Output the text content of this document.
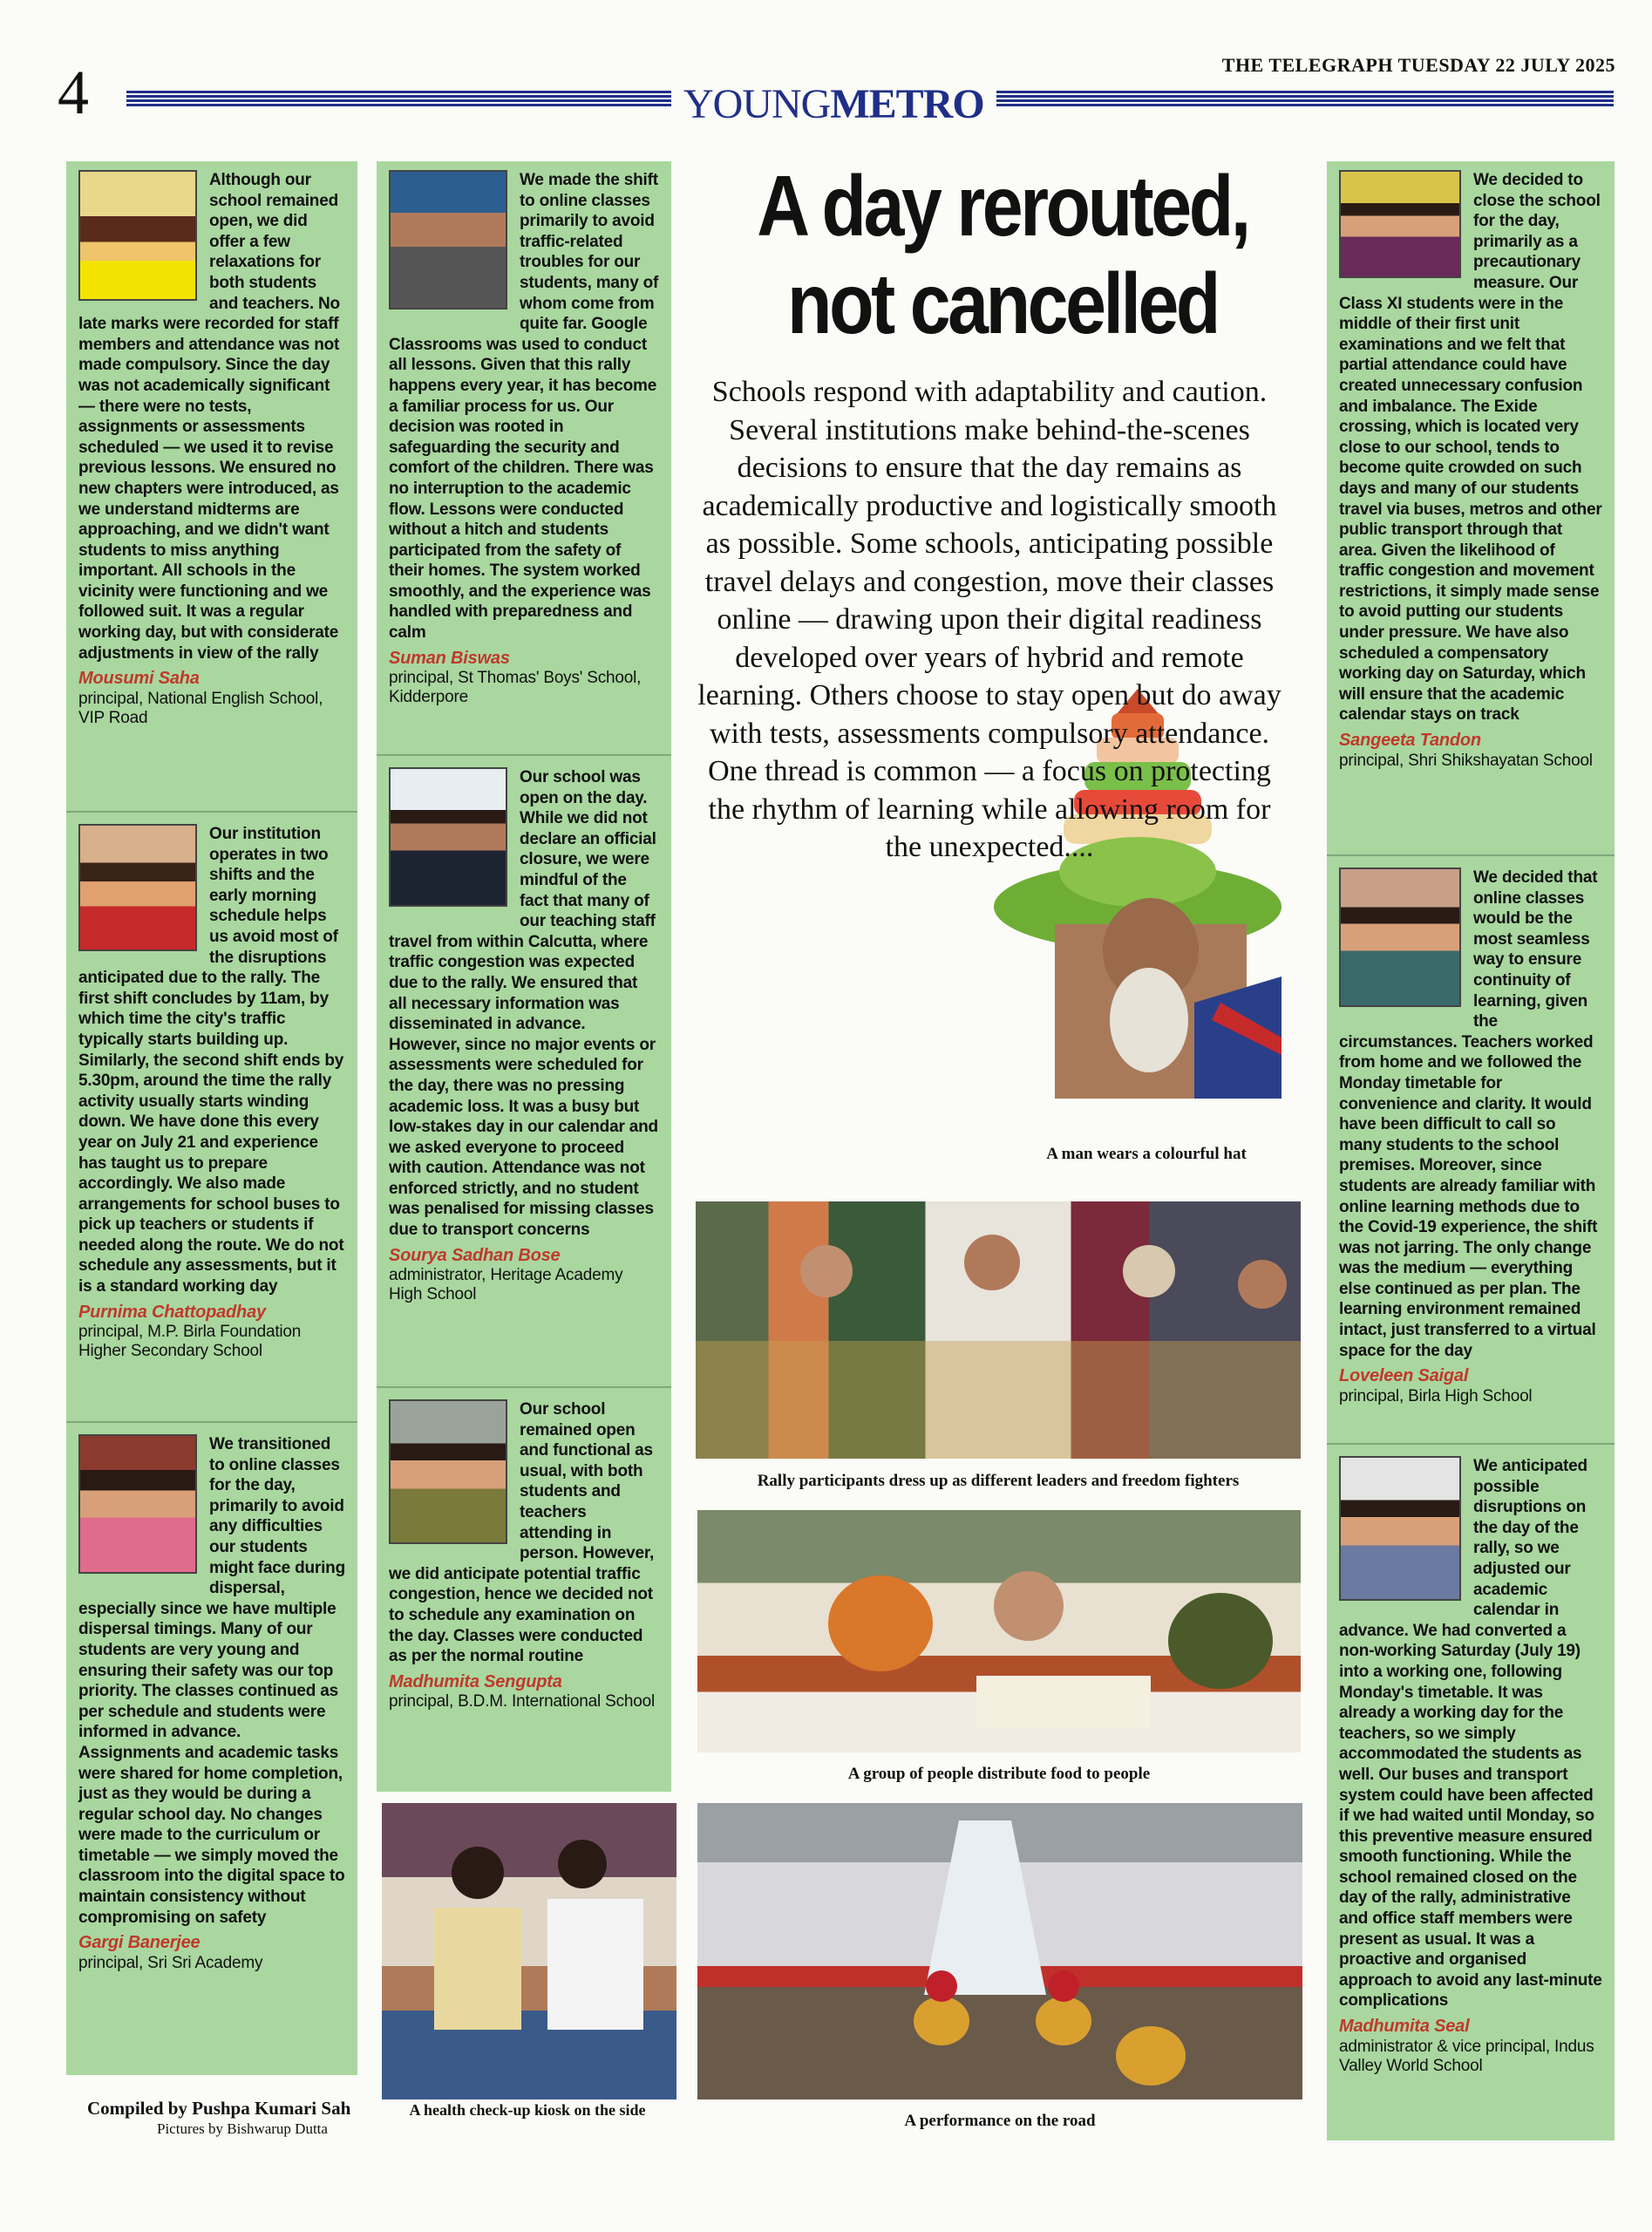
4	YOUNGMETRO
THE TELEGRAPH TUESDAY 22 JULY 2025

Although our school remained open, we did offer a few relaxations for both students and teachers. No late marks were recorded for staff members and attendance was not made compulsory. Since the day was not academically significant — there were no tests, assignments or assessments scheduled — we used it to revise previous lessons. We ensured no new chapters were introduced, as we understand midterms are approaching, and we didn't want students to miss anything important. All schools in the vicinity were functioning and we followed suit. It was a regular working day, but with considerate adjustments in view of the rally

Mousumi Saha
principal, National English School, VIP Road

Our institution operates in two shifts and the early morning schedule helps us avoid most of the disruptions anticipated due to the rally. The first shift concludes by 11am, by which time the city's traffic typically starts building up. Similarly, the second shift ends by 5.30pm, around the time the rally activity usually starts winding down. We have done this every year on July 21 and experience has taught us to prepare accordingly. We also made arrangements for school buses to pick up teachers or students if needed along the route. We do not schedule any assessments, but it is a standard working day

Purnima Chattopadhay
principal, M.P. Birla Foundation Higher Secondary School

We transitioned to online classes for the day, primarily to avoid any difficulties our students might face during dispersal, especially since we have multiple dispersal timings. Many of our students are very young and ensuring their safety was our top priority. The classes continued as per schedule and students were informed in advance. Assignments and academic tasks were shared for home completion, just as they would be during a regular school day. No changes were made to the curriculum or timetable — we simply moved the classroom into the digital space to maintain consistency without compromising on safety

Gargi Banerjee
principal, Sri Sri Academy

We made the shift to online classes primarily to avoid traffic-related troubles for our students, many of whom come from quite far. Google Classrooms was used to conduct all lessons. Given that this rally happens every year, it has become a familiar process for us. Our decision was rooted in safeguarding the security and comfort of the children. There was no interruption to the academic flow. Lessons were conducted without a hitch and students participated from the safety of their homes. The system worked smoothly, and the experience was handled with preparedness and calm

Suman Biswas
principal, St Thomas' Boys' School, Kidderpore

Our school was open on the day. While we did not declare an official closure, we were mindful of the fact that many of our teaching staff travel from within Calcutta, where traffic congestion was expected due to the rally. We ensured that all necessary information was disseminated in advance. However, since no major events or assessments were scheduled for the day, there was no pressing academic loss. It was a busy but low-stakes day in our calendar and we asked everyone to proceed with caution. Attendance was not enforced strictly, and no student was penalised for missing classes due to transport concerns

Sourya Sadhan Bose
administrator, Heritage Academy High School

Our school remained open and functional as usual, with both students and teachers attending in person. However, we did anticipate potential traffic congestion, hence we decided not to schedule any examination on the day. Classes were conducted as per the normal routine

Madhumita Sengupta
principal, B.D.M. International School

We decided to close the school for the day, primarily as a precautionary measure. Our Class XI students were in the middle of their first unit examinations and we felt that partial attendance could have created unnecessary confusion and imbalance. The Exide crossing, which is located very close to our school, tends to become quite crowded on such days and many of our students travel via buses, metros and other public transport through that area. Given the likelihood of traffic congestion and movement restrictions, it simply made sense to avoid putting our students under pressure. We have also scheduled a compensatory working day on Saturday, which will ensure that the academic calendar stays on track

Sangeeta Tandon
principal, Shri Shikshayatan School

We decided that online classes would be the most seamless way to ensure continuity of learning, given the circumstances. Teachers worked from home and we followed the Monday timetable for convenience and clarity. It would have been difficult to call so many students to the school premises. Moreover, since students are already familiar with online learning methods due to the Covid-19 experience, the shift was not jarring. The only change was the medium — everything else continued as per plan. The learning environment remained intact, just transferred to a virtual space for the day

Loveleen Saigal
principal, Birla High School

We anticipated possible disruptions on the day of the rally, so we adjusted our academic calendar in advance. We had converted a non-working Saturday (July 19) into a working one, following Monday's timetable. It was already a working day for the teachers, so we simply accommodated the students as well. Our buses and transport system could have been affected if we had waited until Monday, so this preventive measure ensured smooth functioning. While the school remained closed on the day of the rally, administrative and office staff members were present as usual. It was a proactive and organised approach to avoid any last-minute complications

Madhumita Seal
administrator & vice principal, Indus Valley World School
A day rerouted,
not cancelled
Schools respond with adaptability and caution. Several institutions make behind-the-scenes decisions to ensure that the day remains as academically productive and logistically smooth as possible. Some schools, anticipating possible travel delays and congestion, move their classes online — drawing upon their digital readiness developed over years of hybrid and remote learning. Others choose to stay open but do away with tests, assessments compulsory attendance. One thread is common — a focus on protecting the rhythm of learning while allowing room for the unexpected....
A man wears a colourful hat
Rally participants dress up as different leaders and freedom fighters
A group of people distribute food to people
A health check-up kiosk on the side
A performance on the road
Compiled by Pushpa Kumari Sah
Pictures by Bishwarup Dutta
